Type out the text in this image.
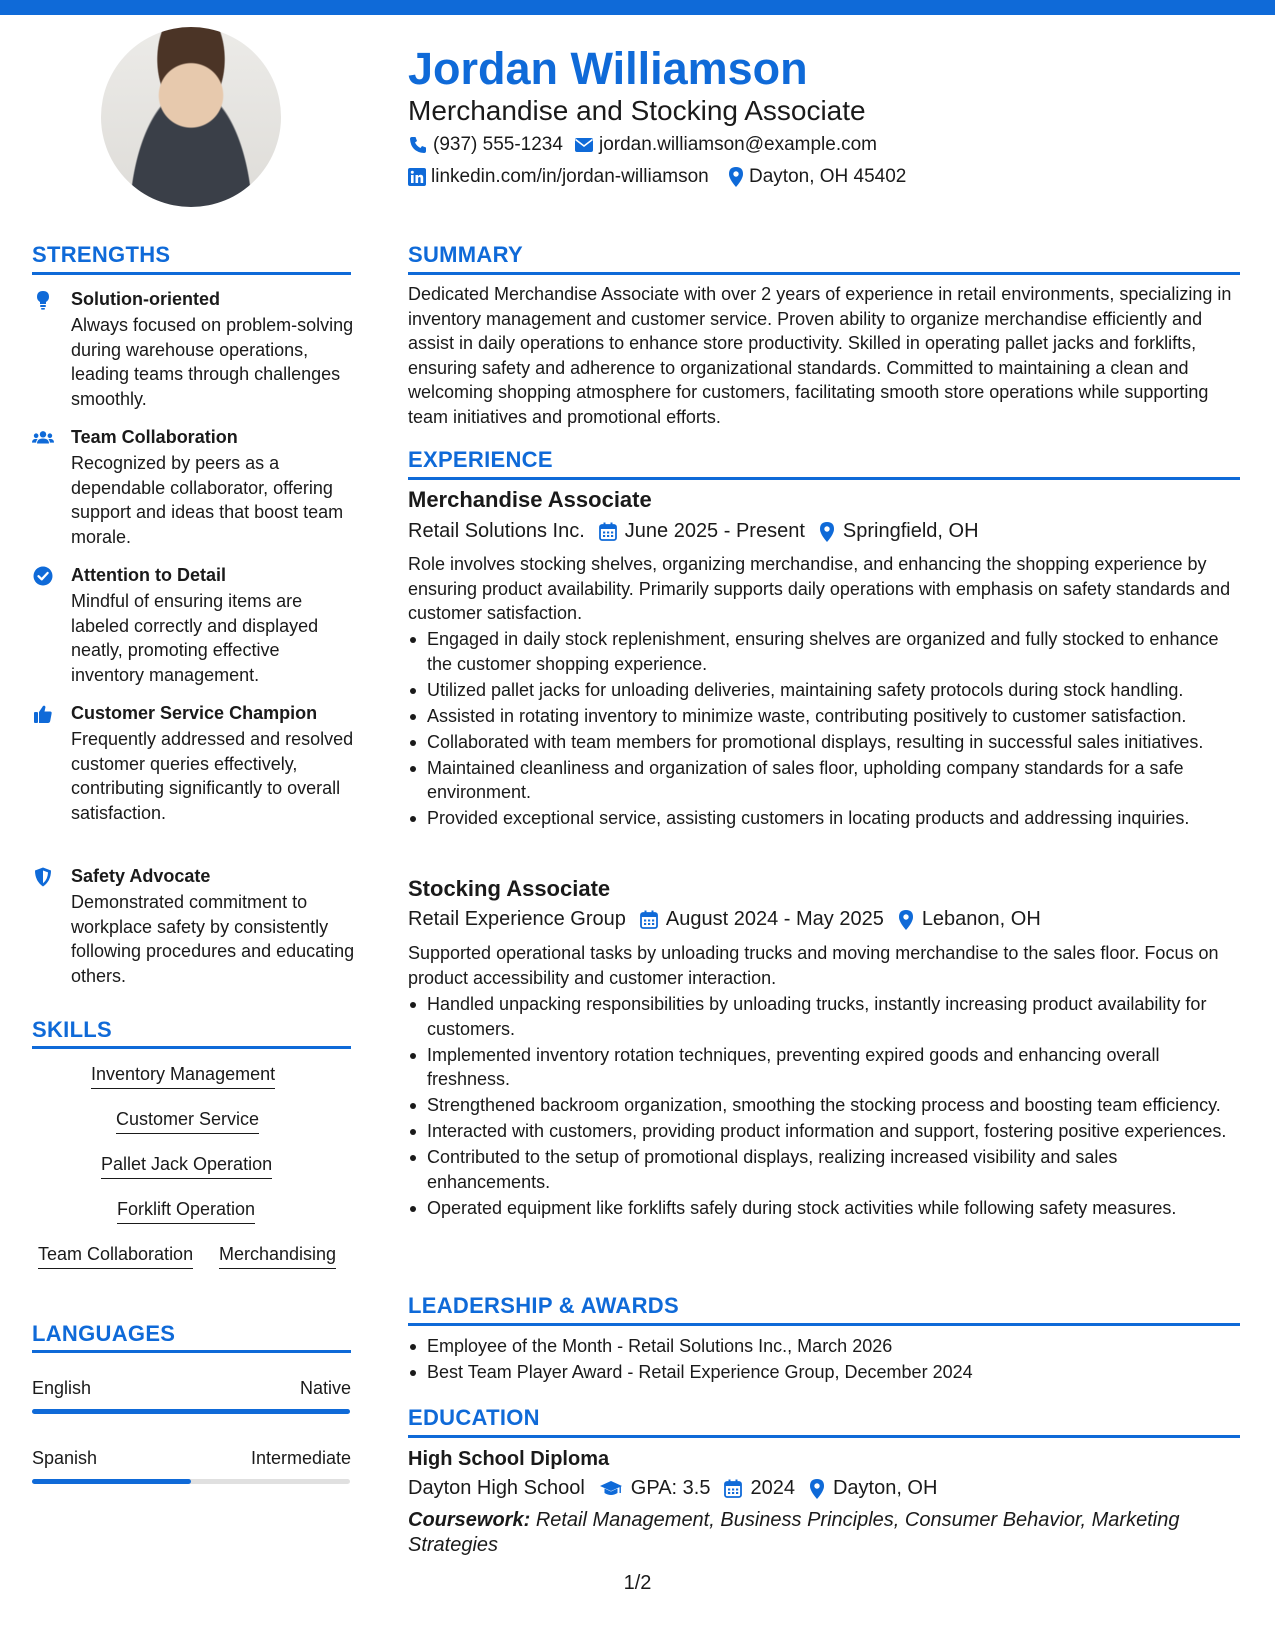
Jordan Williamson
Merchandise and Stocking Associate
(937) 555-1234 jordan.williamson@example.com
linkedin.com/in/jordan-williamson Dayton, OH 45402
STRENGTHS
Solution-oriented
Always focused on problem-solving during warehouse operations, leading teams through challenges smoothly.
Team Collaboration
Recognized by peers as a dependable collaborator, offering support and ideas that boost team morale.
Attention to Detail
Mindful of ensuring items are labeled correctly and displayed neatly, promoting effective inventory management.
Customer Service Champion
Frequently addressed and resolved customer queries effectively, contributing significantly to overall satisfaction.
Safety Advocate
Demonstrated commitment to workplace safety by consistently following procedures and educating others.
SKILLS
Inventory Management
Customer Service
Pallet Jack Operation
Forklift Operation
Team Collaboration Merchandising
LANGUAGES
English	Native
Spanish	Intermediate
SUMMARY
Dedicated Merchandise Associate with over 2 years of experience in retail environments, specializing in inventory management and customer service. Proven ability to organize merchandise efficiently and assist in daily operations to enhance store productivity. Skilled in operating pallet jacks and forklifts, ensuring safety and adherence to organizational standards. Committed to maintaining a clean and welcoming shopping atmosphere for customers, facilitating smooth store operations while supporting team initiatives and promotional efforts.
EXPERIENCE
Merchandise Associate
Retail Solutions Inc. June 2025 - Present Springfield, OH
Role involves stocking shelves, organizing merchandise, and enhancing the shopping experience by ensuring product availability. Primarily supports daily operations with emphasis on safety standards and customer satisfaction.
Engaged in daily stock replenishment, ensuring shelves are organized and fully stocked to enhance the customer shopping experience.
Utilized pallet jacks for unloading deliveries, maintaining safety protocols during stock handling.
Assisted in rotating inventory to minimize waste, contributing positively to customer satisfaction.
Collaborated with team members for promotional displays, resulting in successful sales initiatives.
Maintained cleanliness and organization of sales floor, upholding company standards for a safe environment.
Provided exceptional service, assisting customers in locating products and addressing inquiries.
Stocking Associate
Retail Experience Group August 2024 - May 2025 Lebanon, OH
Supported operational tasks by unloading trucks and moving merchandise to the sales floor. Focus on product accessibility and customer interaction.
Handled unpacking responsibilities by unloading trucks, instantly increasing product availability for customers.
Implemented inventory rotation techniques, preventing expired goods and enhancing overall freshness.
Strengthened backroom organization, smoothing the stocking process and boosting team efficiency.
Interacted with customers, providing product information and support, fostering positive experiences.
Contributed to the setup of promotional displays, realizing increased visibility and sales enhancements.
Operated equipment like forklifts safely during stock activities while following safety measures.
LEADERSHIP & AWARDS
Employee of the Month - Retail Solutions Inc., March 2026
Best Team Player Award - Retail Experience Group, December 2024
EDUCATION
High School Diploma
Dayton High School GPA: 3.5 2024 Dayton, OH
Coursework: Retail Management, Business Principles, Consumer Behavior, Marketing Strategies
1/2
